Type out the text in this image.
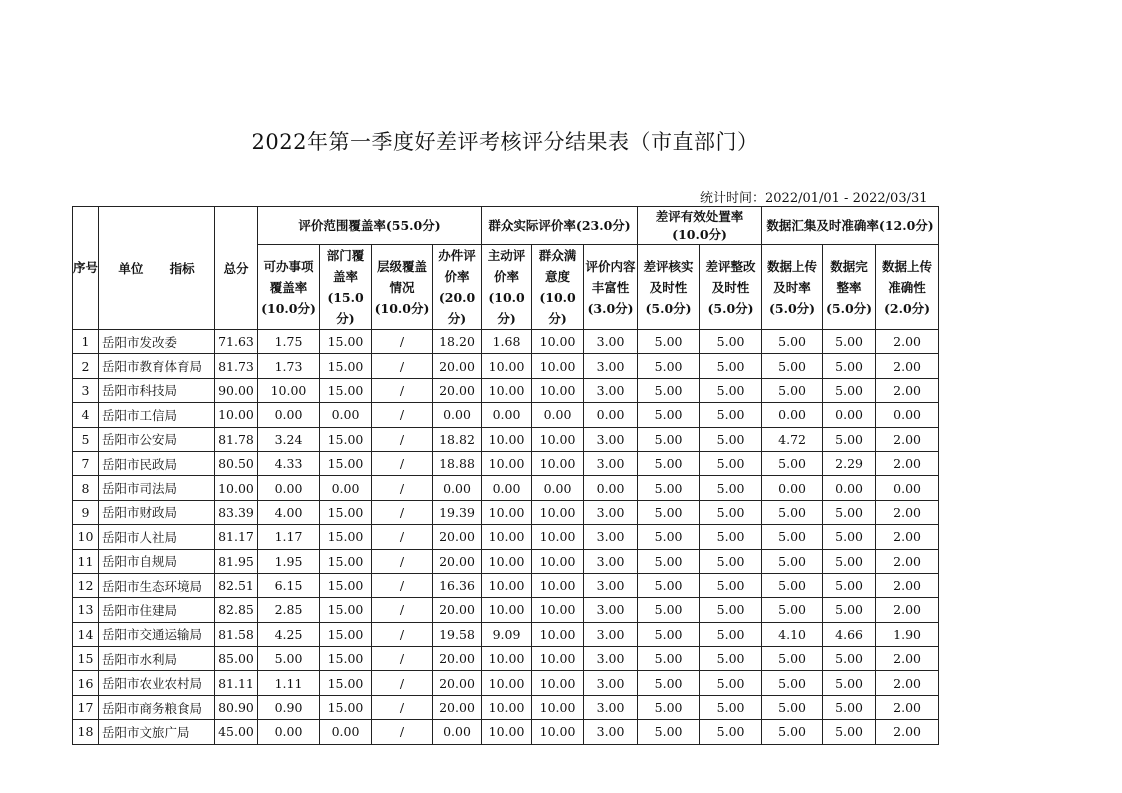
2022年第一季度好差评考核评分结果表（市直部门）
统计时间：2022/01/01 - 2022/03/31
序号	单位 指标	总分	评价范围覆盖率(55.0分)				群众实际评价率(23.0分)			差评有效处置率(10.0分)		数据汇集及时准确率(12.0分)		

			可办事项
覆盖率
(10.0分)	部门覆
盖率
(15.0分)	层级覆盖
情况
(10.0分)	办件评
价率
(20.0分)	主动评
价率
(10.0分)	群众满
意度
(10.0分)	评价内容
丰富性
(3.0分)	差评核实
及时性
(5.0分)	差评整改
及时性
(5.0分)	数据上传
及时率
(5.0分)	数据完
整率
(5.0分)	数据上传
准确性
(2.0分)

1	岳阳市发改委	71.63	1.75	15.00	/	18.20	1.68	10.00	3.00	5.00	5.00	5.00	5.00	2.00
2	岳阳市教育体育局	81.73	1.73	15.00	/	20.00	10.00	10.00	3.00	5.00	5.00	5.00	5.00	2.00
3	岳阳市科技局	90.00	10.00	15.00	/	20.00	10.00	10.00	3.00	5.00	5.00	5.00	5.00	2.00
4	岳阳市工信局	10.00	0.00	0.00	/	0.00	0.00	0.00	0.00	5.00	5.00	0.00	0.00	0.00
5	岳阳市公安局	81.78	3.24	15.00	/	18.82	10.00	10.00	3.00	5.00	5.00	4.72	5.00	2.00
7	岳阳市民政局	80.50	4.33	15.00	/	18.88	10.00	10.00	3.00	5.00	5.00	5.00	2.29	2.00
8	岳阳市司法局	10.00	0.00	0.00	/	0.00	0.00	0.00	0.00	5.00	5.00	0.00	0.00	0.00
9	岳阳市财政局	83.39	4.00	15.00	/	19.39	10.00	10.00	3.00	5.00	5.00	5.00	5.00	2.00
10	岳阳市人社局	81.17	1.17	15.00	/	20.00	10.00	10.00	3.00	5.00	5.00	5.00	5.00	2.00
11	岳阳市自规局	81.95	1.95	15.00	/	20.00	10.00	10.00	3.00	5.00	5.00	5.00	5.00	2.00
12	岳阳市生态环境局	82.51	6.15	15.00	/	16.36	10.00	10.00	3.00	5.00	5.00	5.00	5.00	2.00
13	岳阳市住建局	82.85	2.85	15.00	/	20.00	10.00	10.00	3.00	5.00	5.00	5.00	5.00	2.00
14	岳阳市交通运输局	81.58	4.25	15.00	/	19.58	9.09	10.00	3.00	5.00	5.00	4.10	4.66	1.90
15	岳阳市水利局	85.00	5.00	15.00	/	20.00	10.00	10.00	3.00	5.00	5.00	5.00	5.00	2.00
16	岳阳市农业农村局	81.11	1.11	15.00	/	20.00	10.00	10.00	3.00	5.00	5.00	5.00	5.00	2.00
17	岳阳市商务粮食局	80.90	0.90	15.00	/	20.00	10.00	10.00	3.00	5.00	5.00	5.00	5.00	2.00
18	岳阳市文旅广局	45.00	0.00	0.00	/	0.00	10.00	10.00	3.00	5.00	5.00	5.00	5.00	2.00
